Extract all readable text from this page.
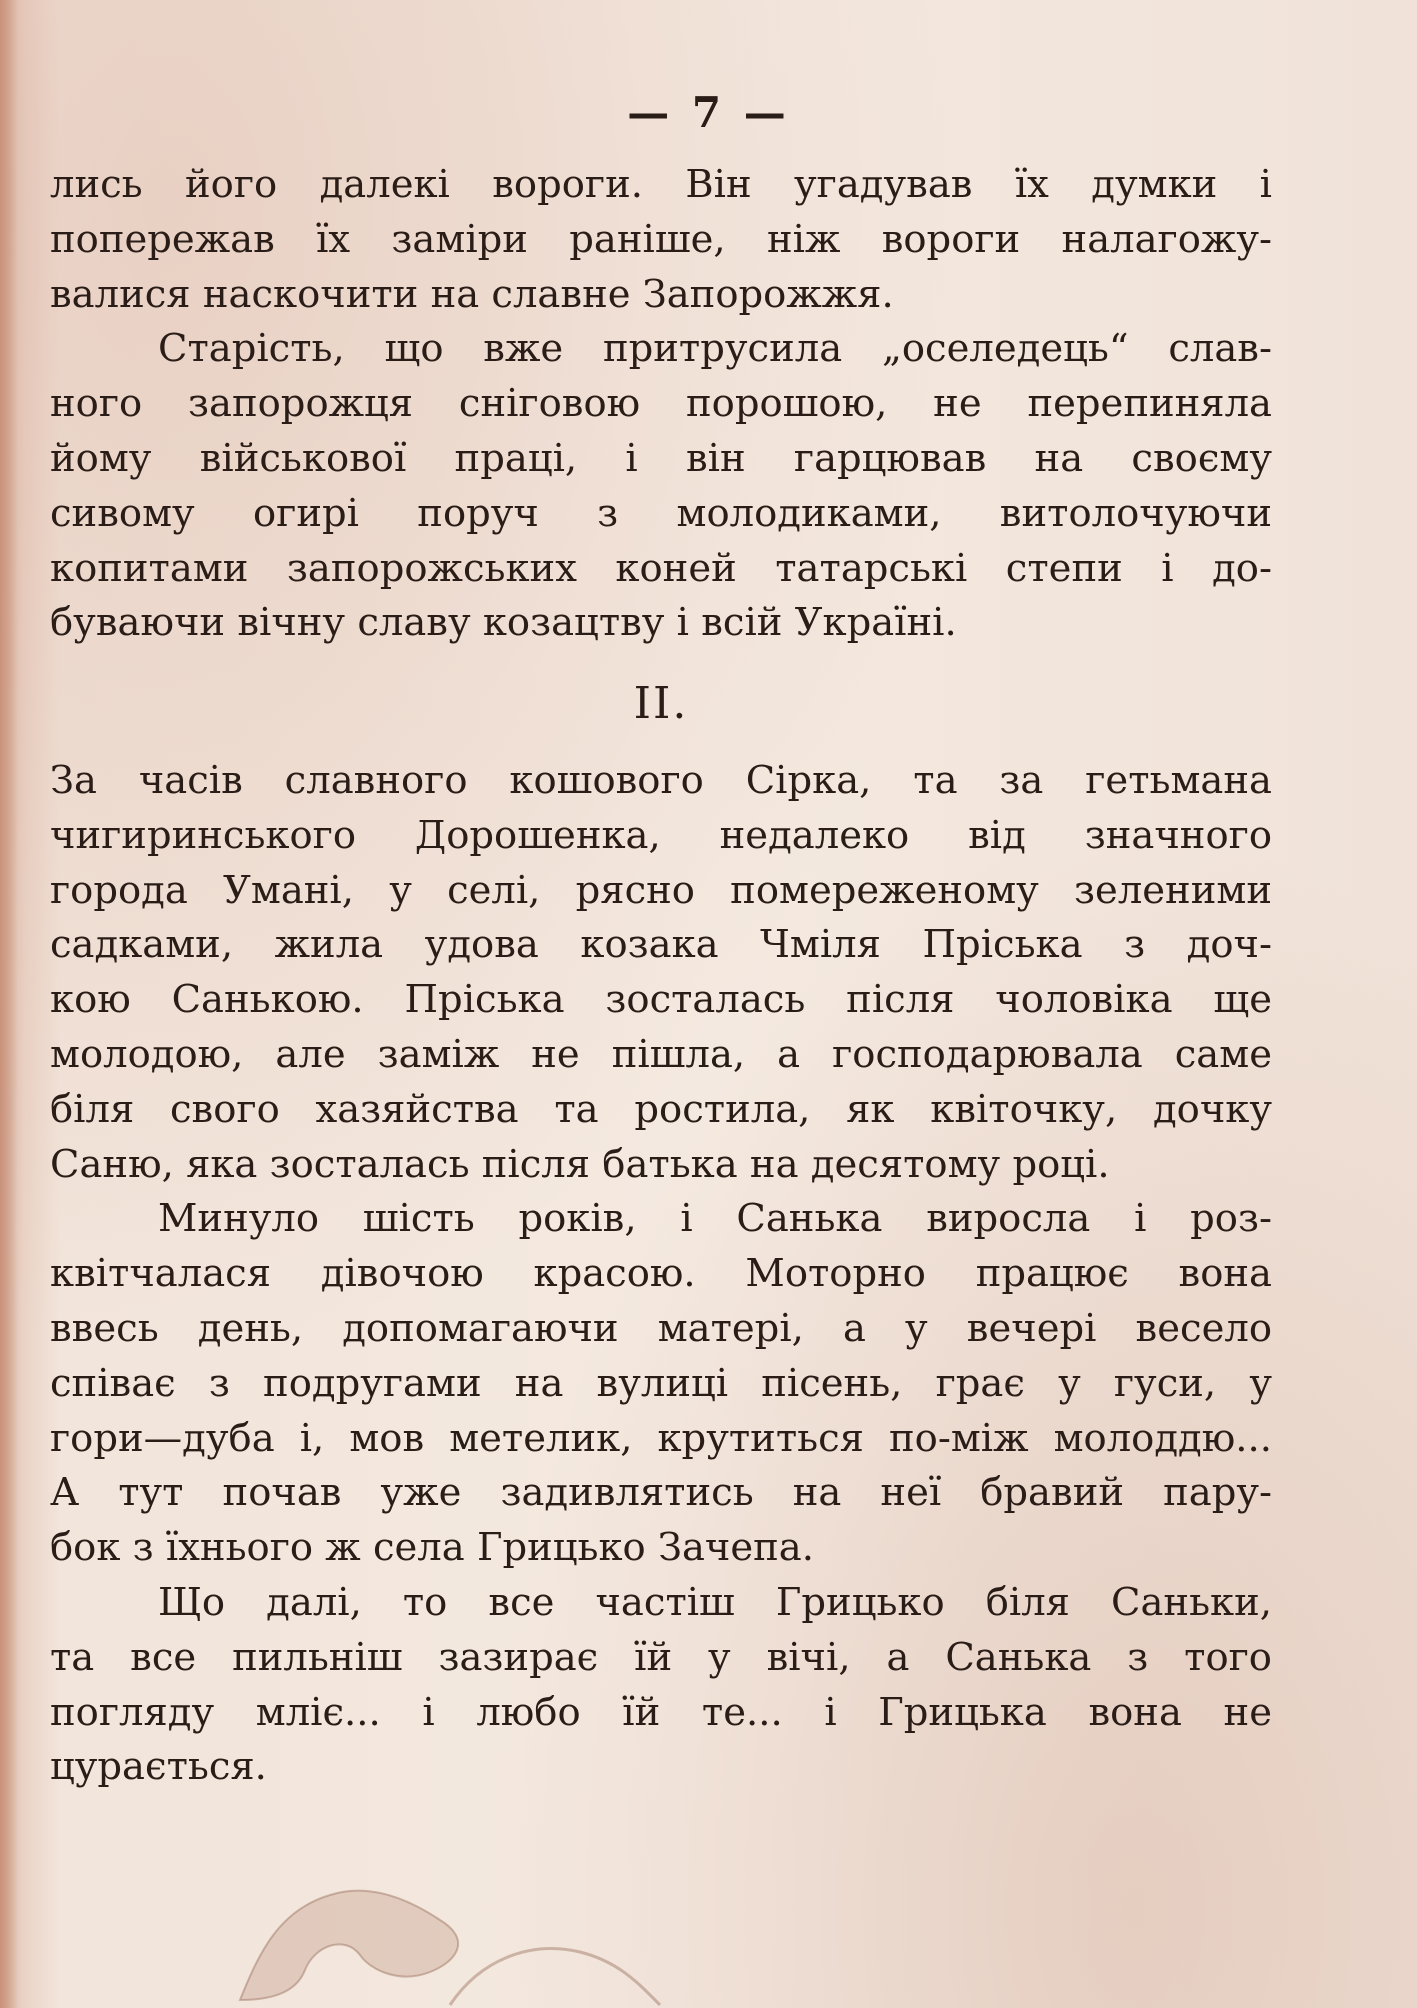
— 7 —
лись його далекі вороги. Він угадував їх думки і
попережав їх заміри раніше, ніж вороги налагожу-
валися наскочити на славне Запорожжя.
Старість, що вже притрусила „оселедець“ слав-
ного запорожця сніговою порошою, не перепиняла
йому військової праці, і він гарцював на своєму
сивому огирі поруч з молодиками, витолочуючи
копитами запорожських коней татарські степи і до-
буваючи вічну славу козацтву і всій Україні.
II.
За часів славного кошового Сірка, та за гетьмана
чигиринського Дорошенка, недалеко від значного
города Умані, у селі, рясно помереженому зеленими
садками, жила удова козака Чміля Пріська з доч-
кою Санькою. Пріська зосталась після чоловіка ще
молодою, але заміж не пішла, а господарювала саме
біля свого хазяйства та ростила, як квіточку, дочку
Саню, яка зосталась після батька на десятому році.
Минуло шість років, і Санька виросла і роз-
квітчалася дівочою красою. Моторно працює вона
ввесь день, допомагаючи матері, а у вечері весело
співає з подругами на вулиці пісень, грає у гуси, у
гори—дуба і, мов метелик, крутиться по-між молоддю...
А тут почав уже задивлятись на неї бравий пару-
бок з їхнього ж села Грицько Зачепа.
Що далі, то все частіш Грицько біля Саньки,
та все пильніш зазирає їй у вічі, а Санька з того
погляду мліє... і любо їй те... і Грицька вона не
цурається.
